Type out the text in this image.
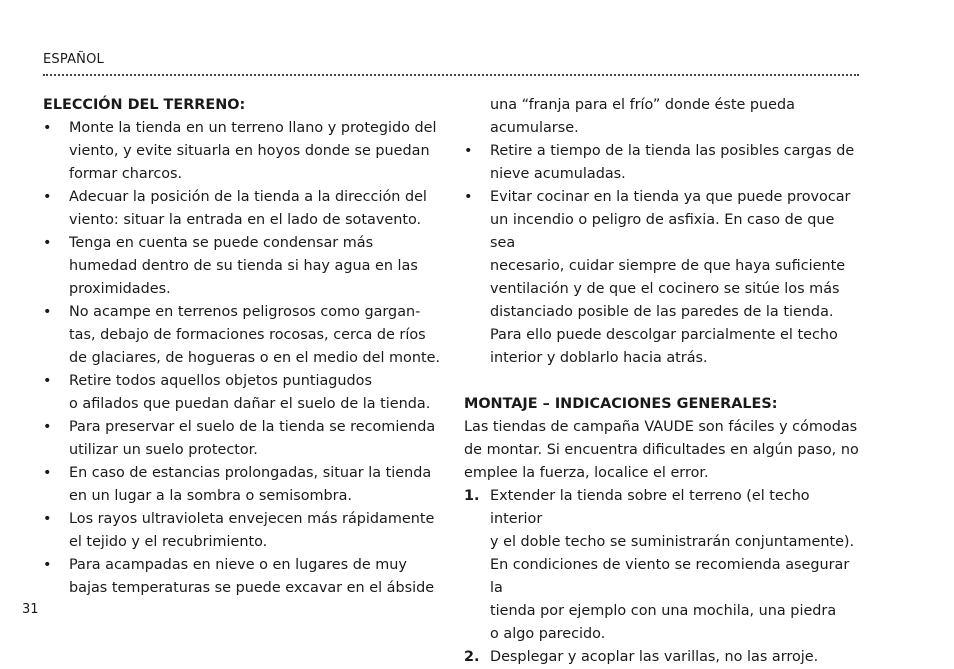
ESPAÑOL

ELECCIÓN DEL TERRENO:

• Monte la tienda en un terreno llano y protegido del
viento, y evite situarla en hoyos donde se puedan
formar charcos.
• Adecuar la posición de la tienda a la dirección del
viento: situar la entrada en el lado de sotavento.
• Tenga en cuenta se puede condensar más
humedad dentro de su tienda si hay agua en las
proximidades.
• No acampe en terrenos peligrosos como gargan-
tas, debajo de formaciones rocosas, cerca de ríos
de glaciares, de hogueras o en el medio del monte.
• Retire todos aquellos objetos puntiagudos
o afilados que puedan dañar el suelo de la tienda.
• Para preservar el suelo de la tienda se recomienda
utilizar un suelo protector.
• En caso de estancias prolongadas, situar la tienda
en un lugar a la sombra o semisombra.
• Los rayos ultravioleta envejecen más rápidamente
el tejido y el recubrimiento.
• Para acampadas en nieve o en lugares de muy
bajas temperaturas se puede excavar en el ábside
una “franja para el frío” donde éste pueda
acumularse.
• Retire a tiempo de la tienda las posibles cargas de
nieve acumuladas.
• Evitar cocinar en la tienda ya que puede provocar
un incendio o peligro de asfixia. En caso de que sea
necesario, cuidar siempre de que haya suficiente
ventilación y de que el cocinero se sitúe los más
distanciado posible de las paredes de la tienda.
Para ello puede descolgar parcialmente el techo
interior y doblarlo hacia atrás.

MONTAJE – INDICACIONES GENERALES:

Las tiendas de campaña VAUDE son fáciles y cómodas
de montar. Si encuentra dificultades en algún paso, no
emplee la fuerza, localice el error.
1. Extender la tienda sobre el terreno (el techo interior
y el doble techo se suministrarán conjuntamente).
En condiciones de viento se recomienda asegurar la
tienda por ejemplo con una mochila, una piedra
o algo parecido.
2. Desplegar y acoplar las varillas, no las arroje.
31
